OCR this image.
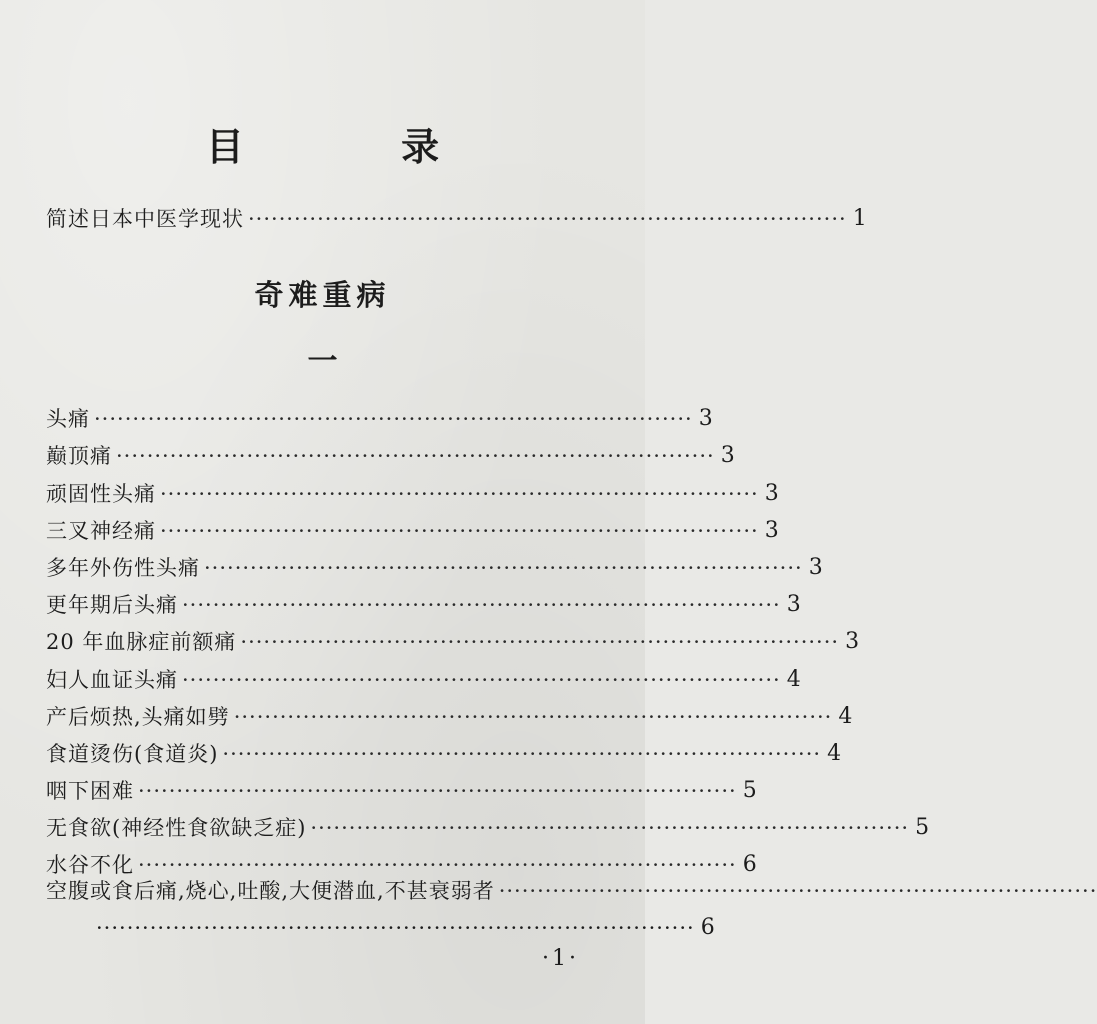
目 录
简述日本中医学现状 ·············································································· 1
奇难重病
一
头痛 ·············································································· 3
巅顶痛 ·············································································· 3
顽固性头痛 ·············································································· 3
三叉神经痛 ·············································································· 3
多年外伤性头痛 ·············································································· 3
更年期后头痛 ·············································································· 3
20 年血脉症前额痛 ·············································································· 3
妇人血证头痛 ·············································································· 4
产后烦热,头痛如劈 ·············································································· 4
食道烫伤(食道炎) ·············································································· 4
咽下困难 ·············································································· 5
无食欲(神经性食欲缺乏症) ·············································································· 5
水谷不化 ·············································································· 6
空腹或食后痛,烧心,吐酸,大便潜血,不甚衰弱者 ··············································································
·············································································· 6
·1·
